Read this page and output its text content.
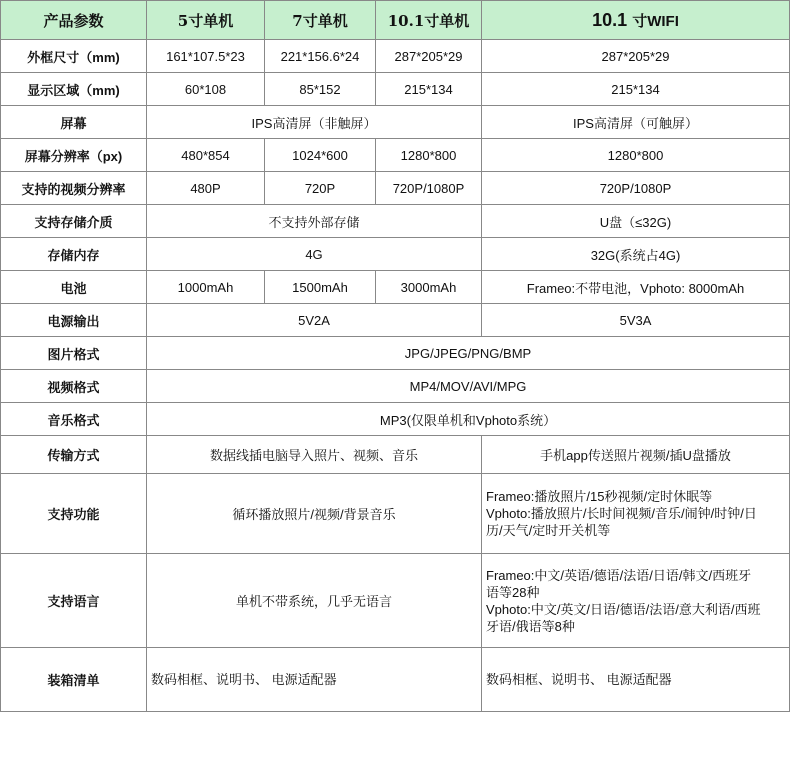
产品参数	5寸单机	7寸单机	10.1寸单机	10.1 寸WIFI
外框尺寸（mm)	161*107.5*23	221*156.6*24	287*205*29	287*205*29
显示区域（mm)	60*108	85*152	215*134	215*134
屏幕	IPS高清屏（非触屏）			IPS高清屏（可触屏）
屏幕分辨率（px)	480*854	1024*600	1280*800	1280*800
支持的视频分辨率	480P	720P	720P/1080P	720P/1080P
支持存储介质	不支持外部存储			U盘（≤32G)
存储内存	4G			32G(系统占4G)
电池	1000mAh	1500mAh	3000mAh	Frameo:不带电池，Vphoto: 8000mAh
电源输出	5V2A			5V3A
图片格式	JPG/JPEG/PNG/BMP			
视频格式	MP4/MOV/AVI/MPG			
音乐格式	MP3(仅限单机和Vphoto系统）			
传输方式	数据线插电脑导入照片、视频、音乐			手机app传送照片视频/插U盘播放
支持功能	循环播放照片/视频/背景音乐			Frameo:播放照片/15秒视频/定时休眠等
Vphoto:播放照片/长时间视频/音乐/闹钟/时钟/日
历/天气/定时开关机等

支持语言	单机不带系统，几乎无语言			Frameo:中文/英语/德语/法语/日语/韩文/西班牙
语等28种
Vphoto:中文/英文/日语/德语/法语/意大利语/西班
牙语/俄语等8种

装箱清单	数码相框、说明书、 电源适配器			数码相框、说明书、 电源适配器
